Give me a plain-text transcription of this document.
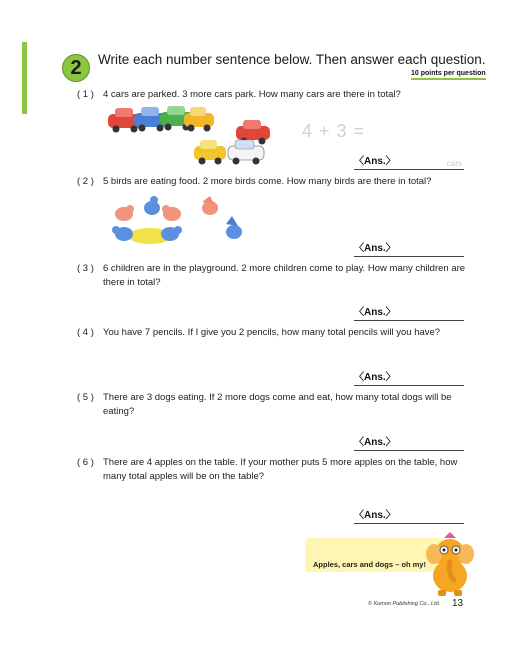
2	Write each number sentence below. Then answer each question.
10 points per question
( 1 ) 4 cars are parked. 3 more cars park. How many cars are there in total?
4 + 3 =
〈Ans.〉	cars
( 2 ) 5 birds are eating food. 2 more birds come. How many birds are there in total?
〈Ans.〉
( 3 ) 6 children are in the playground. 2 more children come to play. How many children are there in total?
〈Ans.〉
( 4 ) You have 7 pencils. If I give you 2 pencils, how many total pencils will you have?
〈Ans.〉
( 5 ) There are 3 dogs eating. If 2 more dogs come and eat, how many total dogs will be eating?
〈Ans.〉
( 6 ) There are 4 apples on the table. If your mother puts 5 more apples on the table, how many total apples will be on the table?
〈Ans.〉
Apples, cars and dogs – oh my!
© Kumon Publishing Co., Ltd. 13
